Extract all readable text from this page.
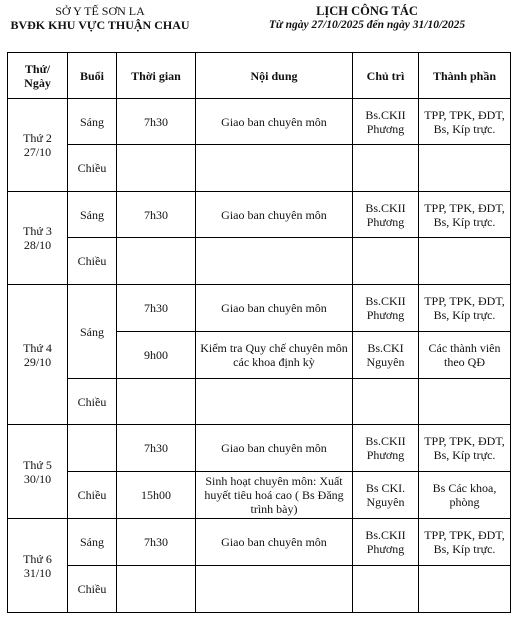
SỞ Y TẾ SƠN LA
BVĐK KHU VỰC THUẬN CHAU
LỊCH CÔNG TÁC
Từ ngày 27/10/2025 đến ngày 31/10/2025
Thứ/ Ngày	Buổi	Thời gian	Nội dung	Chủ trì	Thành phần

Thứ 2
27/10	Sáng	7h30	Giao ban chuyên môn	Bs.CKII Phương	TPP, TPK, ĐDT, Bs, Kíp trực.
	Chiều				

Thứ 3
28/10	Sáng	7h30	Giao ban chuyên môn	Bs.CKII Phương	TPP, TPK, ĐDT, Bs, Kíp trực.
	Chiều				

Thứ 4
29/10	Sáng	7h30	Giao ban chuyên môn	Bs.CKII Phương	TPP, TPK, ĐDT, Bs, Kíp trực.
		9h00	Kiểm tra Quy chế chuyên môn các khoa định kỳ	Bs.CKI Nguyên	Các thành viên theo QĐ
	Chiều				

Thứ 5
30/10		7h30	Giao ban chuyên môn	Bs.CKII Phương	TPP, TPK, ĐDT, Bs, Kíp trực.
	Chiều	15h00	Sinh hoạt chuyên môn: Xuất huyết tiêu hoá cao ( Bs Đăng trình bày)	Bs CKI. Nguyên	Bs Các khoa, phòng

Thứ 6
31/10	Sáng	7h30	Giao ban chuyên môn	Bs.CKII Phương	TPP, TPK, ĐDT, Bs, Kíp trực.
	Chiều				
